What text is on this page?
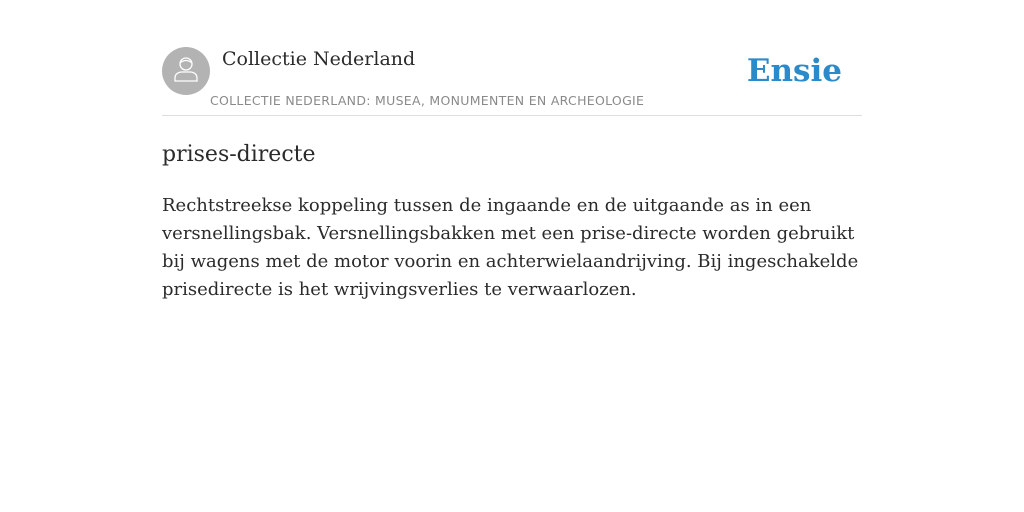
Collectie Nederland
COLLECTIE NEDERLAND: MUSEA, MONUMENTEN EN ARCHEOLOGIE
Ensie
prises-directe

Rechtstreekse koppeling tussen de ingaande en de uitgaande as in een versnellingsbak. Versnellingsbakken met een prise-directe worden gebruikt bij wagens met de motor voorin en achterwielaandrijving. Bij ingeschakelde prisedirecte is het wrijvingsverlies te verwaarlozen.
